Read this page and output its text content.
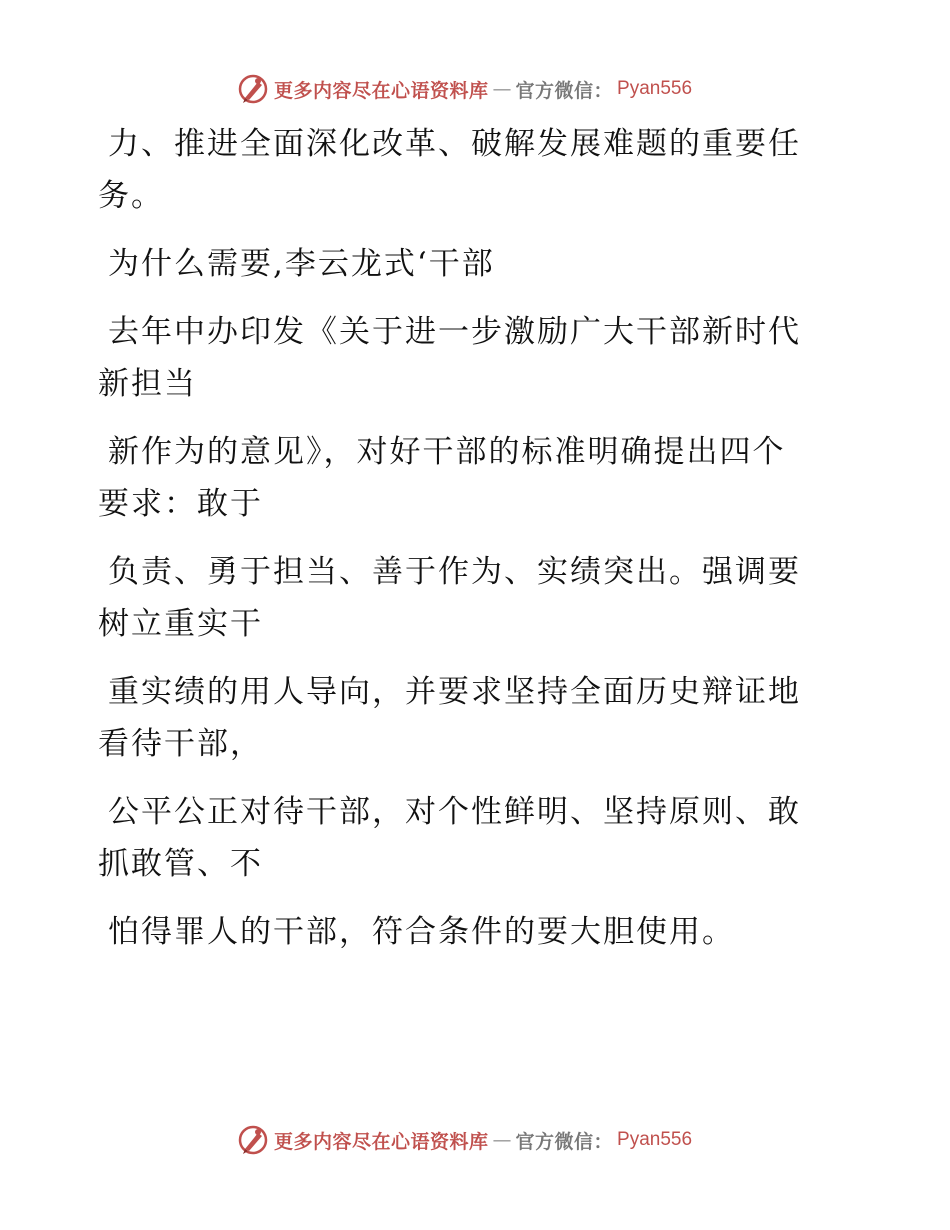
更多内容尽在心语资料库 — 官方微信： Pyan556

力、推进全面深化改革、破解发展难题的重要任
务。

为什么需要,李云龙式‘干部

去年中办印发《关于进一步激励广大干部新时代
新担当

新作为的意见》，对好干部的标准明确提出四个
要求：敢于

负责、勇于担当、善于作为、实绩突出。强调要
树立重实干

重实绩的用人导向，并要求坚持全面历史辩证地
看待干部，

公平公正对待干部，对个性鲜明、坚持原则、敢
抓敢管、不

怕得罪人的干部，符合条件的要大胆使用。

更多内容尽在心语资料库 — 官方微信： Pyan556
